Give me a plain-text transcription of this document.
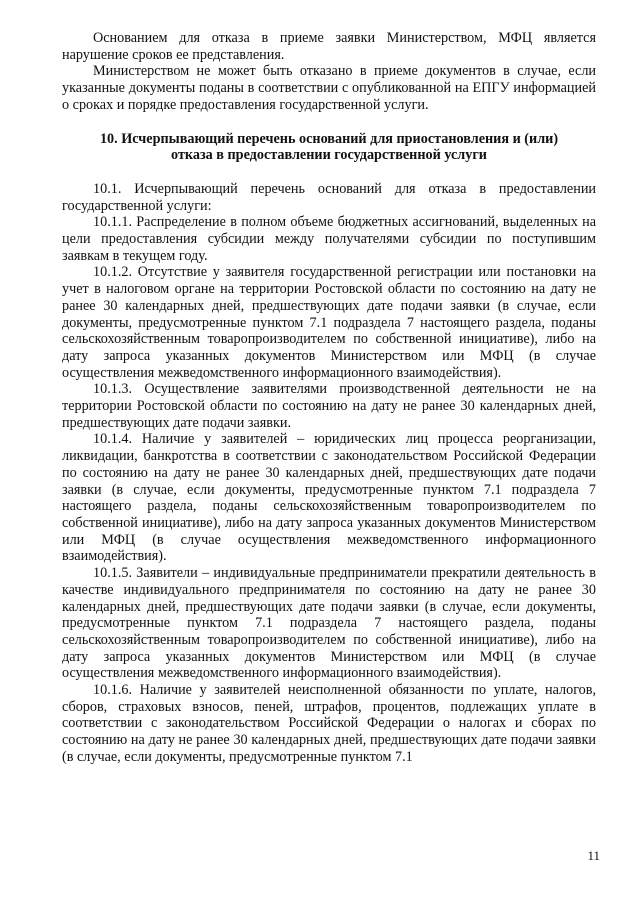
Основанием для отказа в приеме заявки Министерством, МФЦ является нарушение сроков ее представления.

Министерством не может быть отказано в приеме документов в случае, если указанные документы поданы в соответствии с опубликованной на ЕПГУ информацией о сроках и порядке предоставления государственной услуги.

10. Исчерпывающий перечень оснований для приостановления и (или)
отказа в предоставлении государственной услуги

10.1. Исчерпывающий перечень оснований для отказа в предоставлении государственной услуги:

10.1.1. Распределение в полном объеме бюджетных ассигнований, выделенных на цели предоставления субсидии между получателями субсидии по поступившим заявкам в текущем году.

10.1.2. Отсутствие у заявителя государственной регистрации или постановки на учет в налоговом органе на территории Ростовской области по состоянию на дату не ранее 30 календарных дней, предшествующих дате подачи заявки (в случае, если документы, предусмотренные пунктом 7.1 подраздела 7 настоящего раздела, поданы сельскохозяйственным товаропроизводителем по собственной инициативе), либо на дату запроса указанных документов Министерством или МФЦ (в случае осуществления межведомственного информационного взаимодействия).

10.1.3. Осуществление заявителями производственной деятельности не на территории Ростовской области по состоянию на дату не ранее 30 календарных дней, предшествующих дате подачи заявки.

10.1.4. Наличие у заявителей – юридических лиц процесса реорганизации, ликвидации, банкротства в соответствии с законодательством Российской Федерации по состоянию на дату не ранее 30 календарных дней, предшествующих дате подачи заявки (в случае, если документы, предусмотренные пунктом 7.1 подраздела 7 настоящего раздела, поданы сельскохозяйственным товаропроизводителем по собственной инициативе), либо на дату запроса указанных документов Министерством или МФЦ (в случае осуществления межведомственного информационного взаимодействия).

10.1.5. Заявители – индивидуальные предприниматели прекратили деятельность в качестве индивидуального предпринимателя по состоянию на дату не ранее 30 календарных дней, предшествующих дате подачи заявки (в случае, если документы, предусмотренные пунктом 7.1 подраздела 7 настоящего раздела, поданы сельскохозяйственным товаропроизводителем по собственной инициативе), либо на дату запроса указанных документов Министерством или МФЦ (в случае осуществления межведомственного информационного взаимодействия).

10.1.6. Наличие у заявителей неисполненной обязанности по уплате, налогов, сборов, страховых взносов, пеней, штрафов, процентов, подлежащих уплате в соответствии с законодательством Российской Федерации о налогах и сборах по состоянию на дату не ранее 30 календарных дней, предшествующих дате подачи заявки (в случае, если документы, предусмотренные пунктом 7.1

11
